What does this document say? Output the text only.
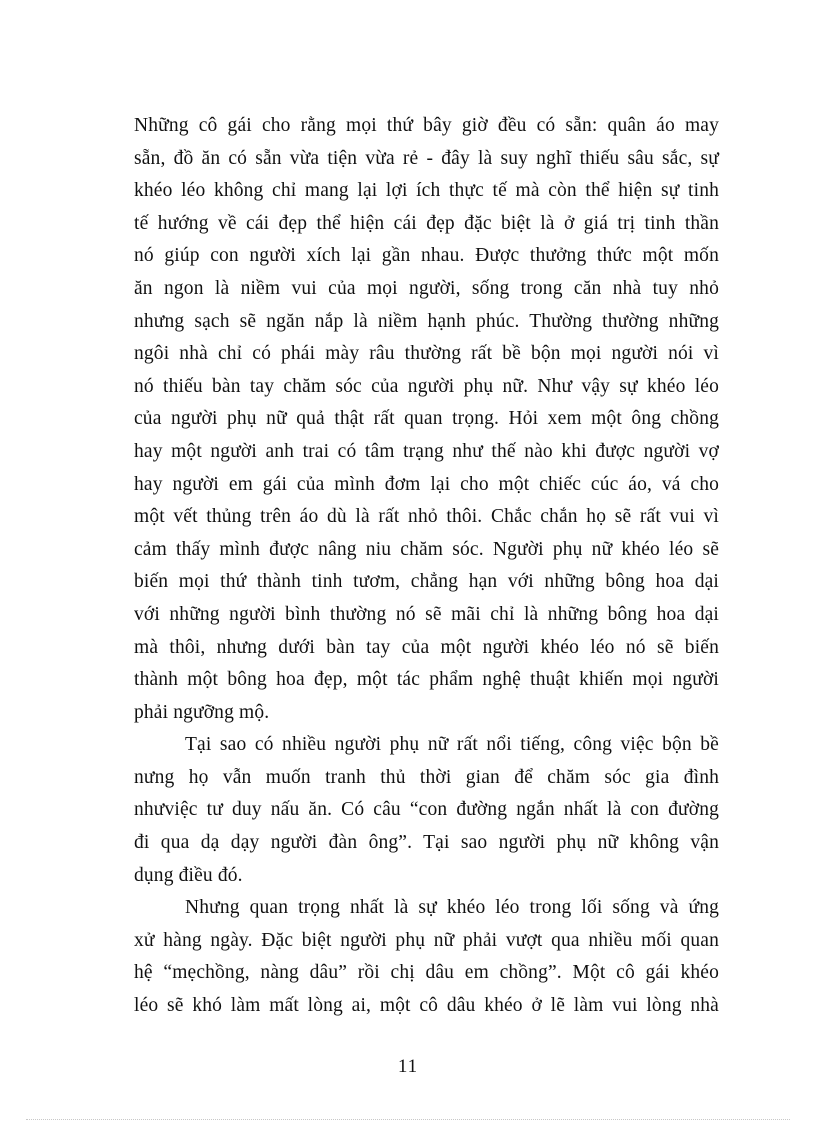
Những cô gái cho rằng mọi thứ bây giờ đều có sẵn: quân áo may
sẵn, đồ ăn có sẵn vừa tiện vừa rẻ - đây là suy nghĩ thiếu sâu sắc, sự
khéo léo không chỉ mang lại lợi ích thực tế mà còn thể hiện sự tinh
tế hướng về cái đẹp thể hiện cái đẹp đặc biệt là ở giá trị tinh thần
nó giúp con người xích lại gần nhau. Được thưởng thức một mốn
ăn ngon là niềm vui của mọi người, sống trong căn nhà tuy nhỏ
nhưng sạch sẽ ngăn nắp là niềm hạnh phúc. Thường thường những
ngôi nhà chỉ có phái mày râu thường rất bề bộn mọi người nói vì
nó thiếu bàn tay chăm sóc của người phụ nữ. Như vậy sự khéo léo
của người phụ nữ quả thật rất quan trọng. Hỏi xem một ông chồng
hay một người anh trai có tâm trạng như thế nào khi được người vợ
hay người em gái của mình đơm lại cho một chiếc cúc áo, vá cho
một vết thủng trên áo dù là rất nhỏ thôi. Chắc chắn họ sẽ rất vui vì
cảm thấy mình được nâng niu chăm sóc. Người phụ nữ khéo léo sẽ
biến mọi thứ thành tinh tươm, chẳng hạn với những bông hoa dại
với những người bình thường nó sẽ mãi chỉ là những bông hoa dại
mà thôi, nhưng dưới bàn tay của một người khéo léo nó sẽ biến
thành một bông hoa đẹp, một tác phẩm nghệ thuật khiến mọi người
phải ngưỡng mộ.
Tại sao có nhiều người phụ nữ rất nổi tiếng, công việc bộn bề
nưng họ vẫn muốn tranh thủ thời gian để chăm sóc gia đình
nhưviệc tư duy nấu ăn. Có câu “con đường ngắn nhất là con đường
đi qua dạ dạy người đàn ông”. Tại sao người phụ nữ không vận
dụng điều đó.
Nhưng quan trọng nhất là sự khéo léo trong lối sống và ứng
xử hàng ngày. Đặc biệt người phụ nữ phải vượt qua nhiều mối quan
hệ “mẹchồng, nàng dâu” rồi chị dâu em chồng”. Một cô gái khéo
léo sẽ khó làm mất lòng ai, một cô dâu khéo ở lẽ làm vui lòng nhà
11
